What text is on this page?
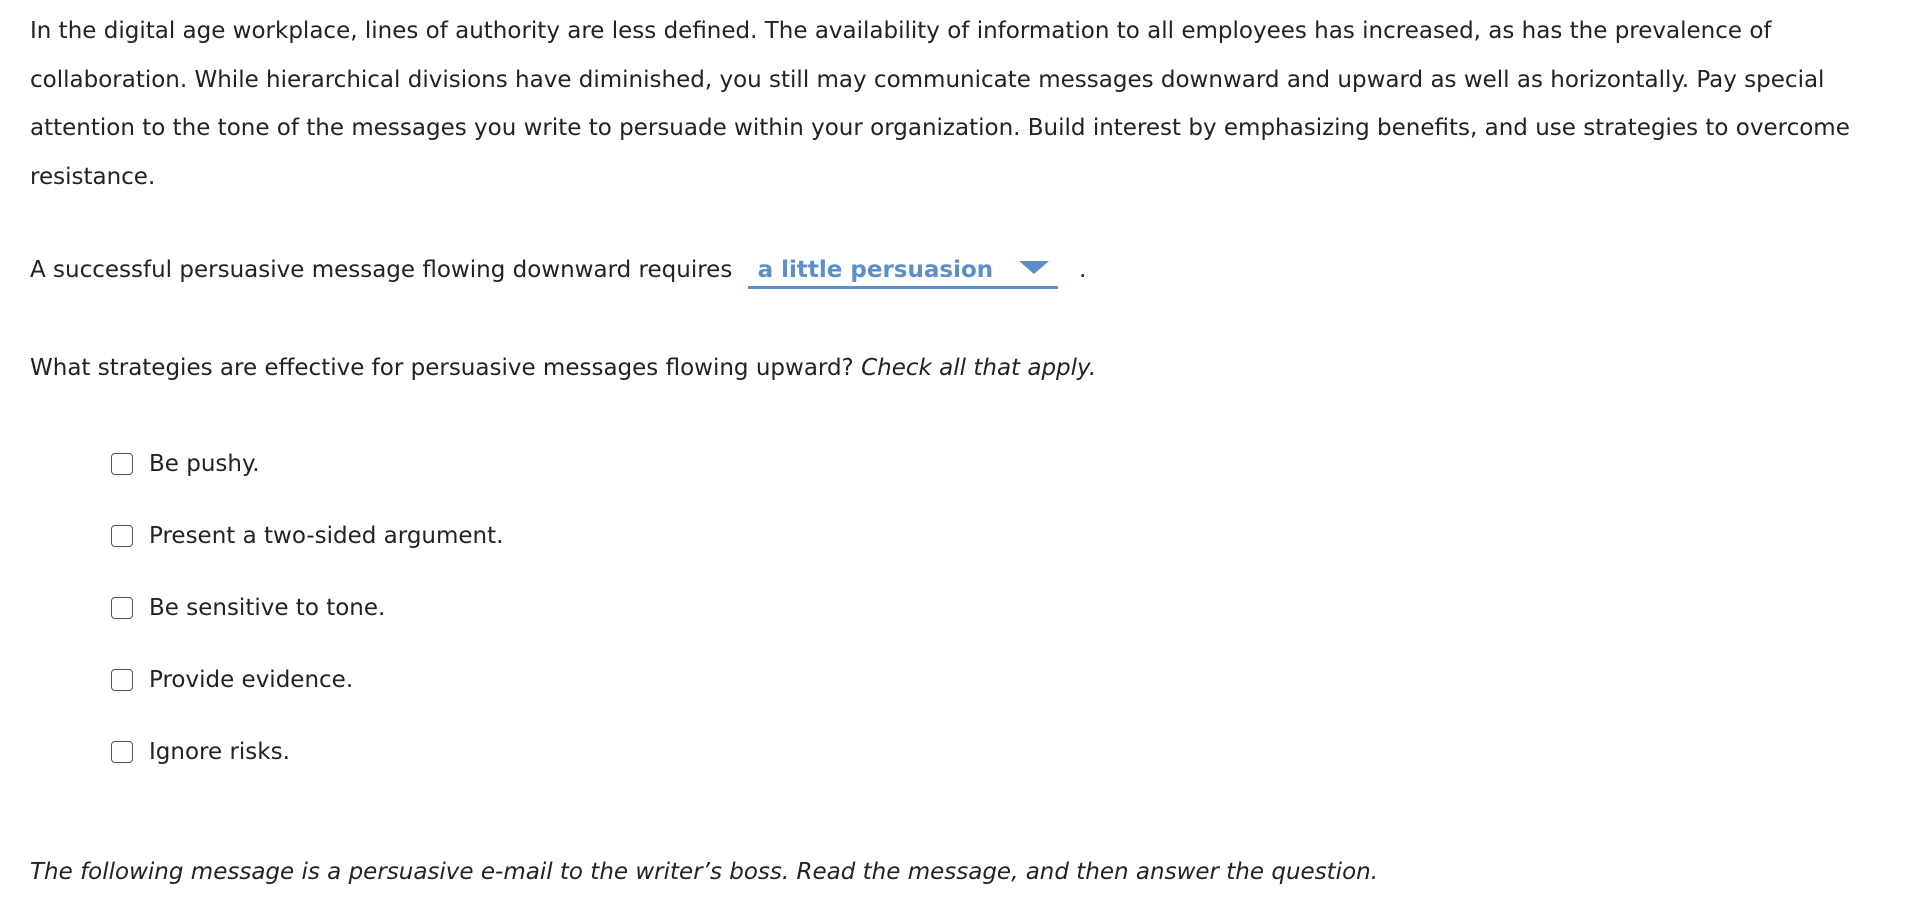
In the digital age workplace, lines of authority are less defined. The availability of information to all employees has increased, as has the prevalence of collaboration. While hierarchical divisions have diminished, you still may communicate messages downward and upward as well as horizontally. Pay special attention to the tone of the messages you write to persuade within your organization. Build interest by emphasizing benefits, and use strategies to overcome resistance.

A successful persuasive message flowing downward requires a little persuasion	.
What strategies are effective for persuasive messages flowing upward? Check all that apply.
Be pushy.
Present a two-sided argument.
Be sensitive to tone.
Provide evidence.
Ignore risks.
The following message is a persuasive e-mail to the writer’s boss. Read the message, and then answer the question.
